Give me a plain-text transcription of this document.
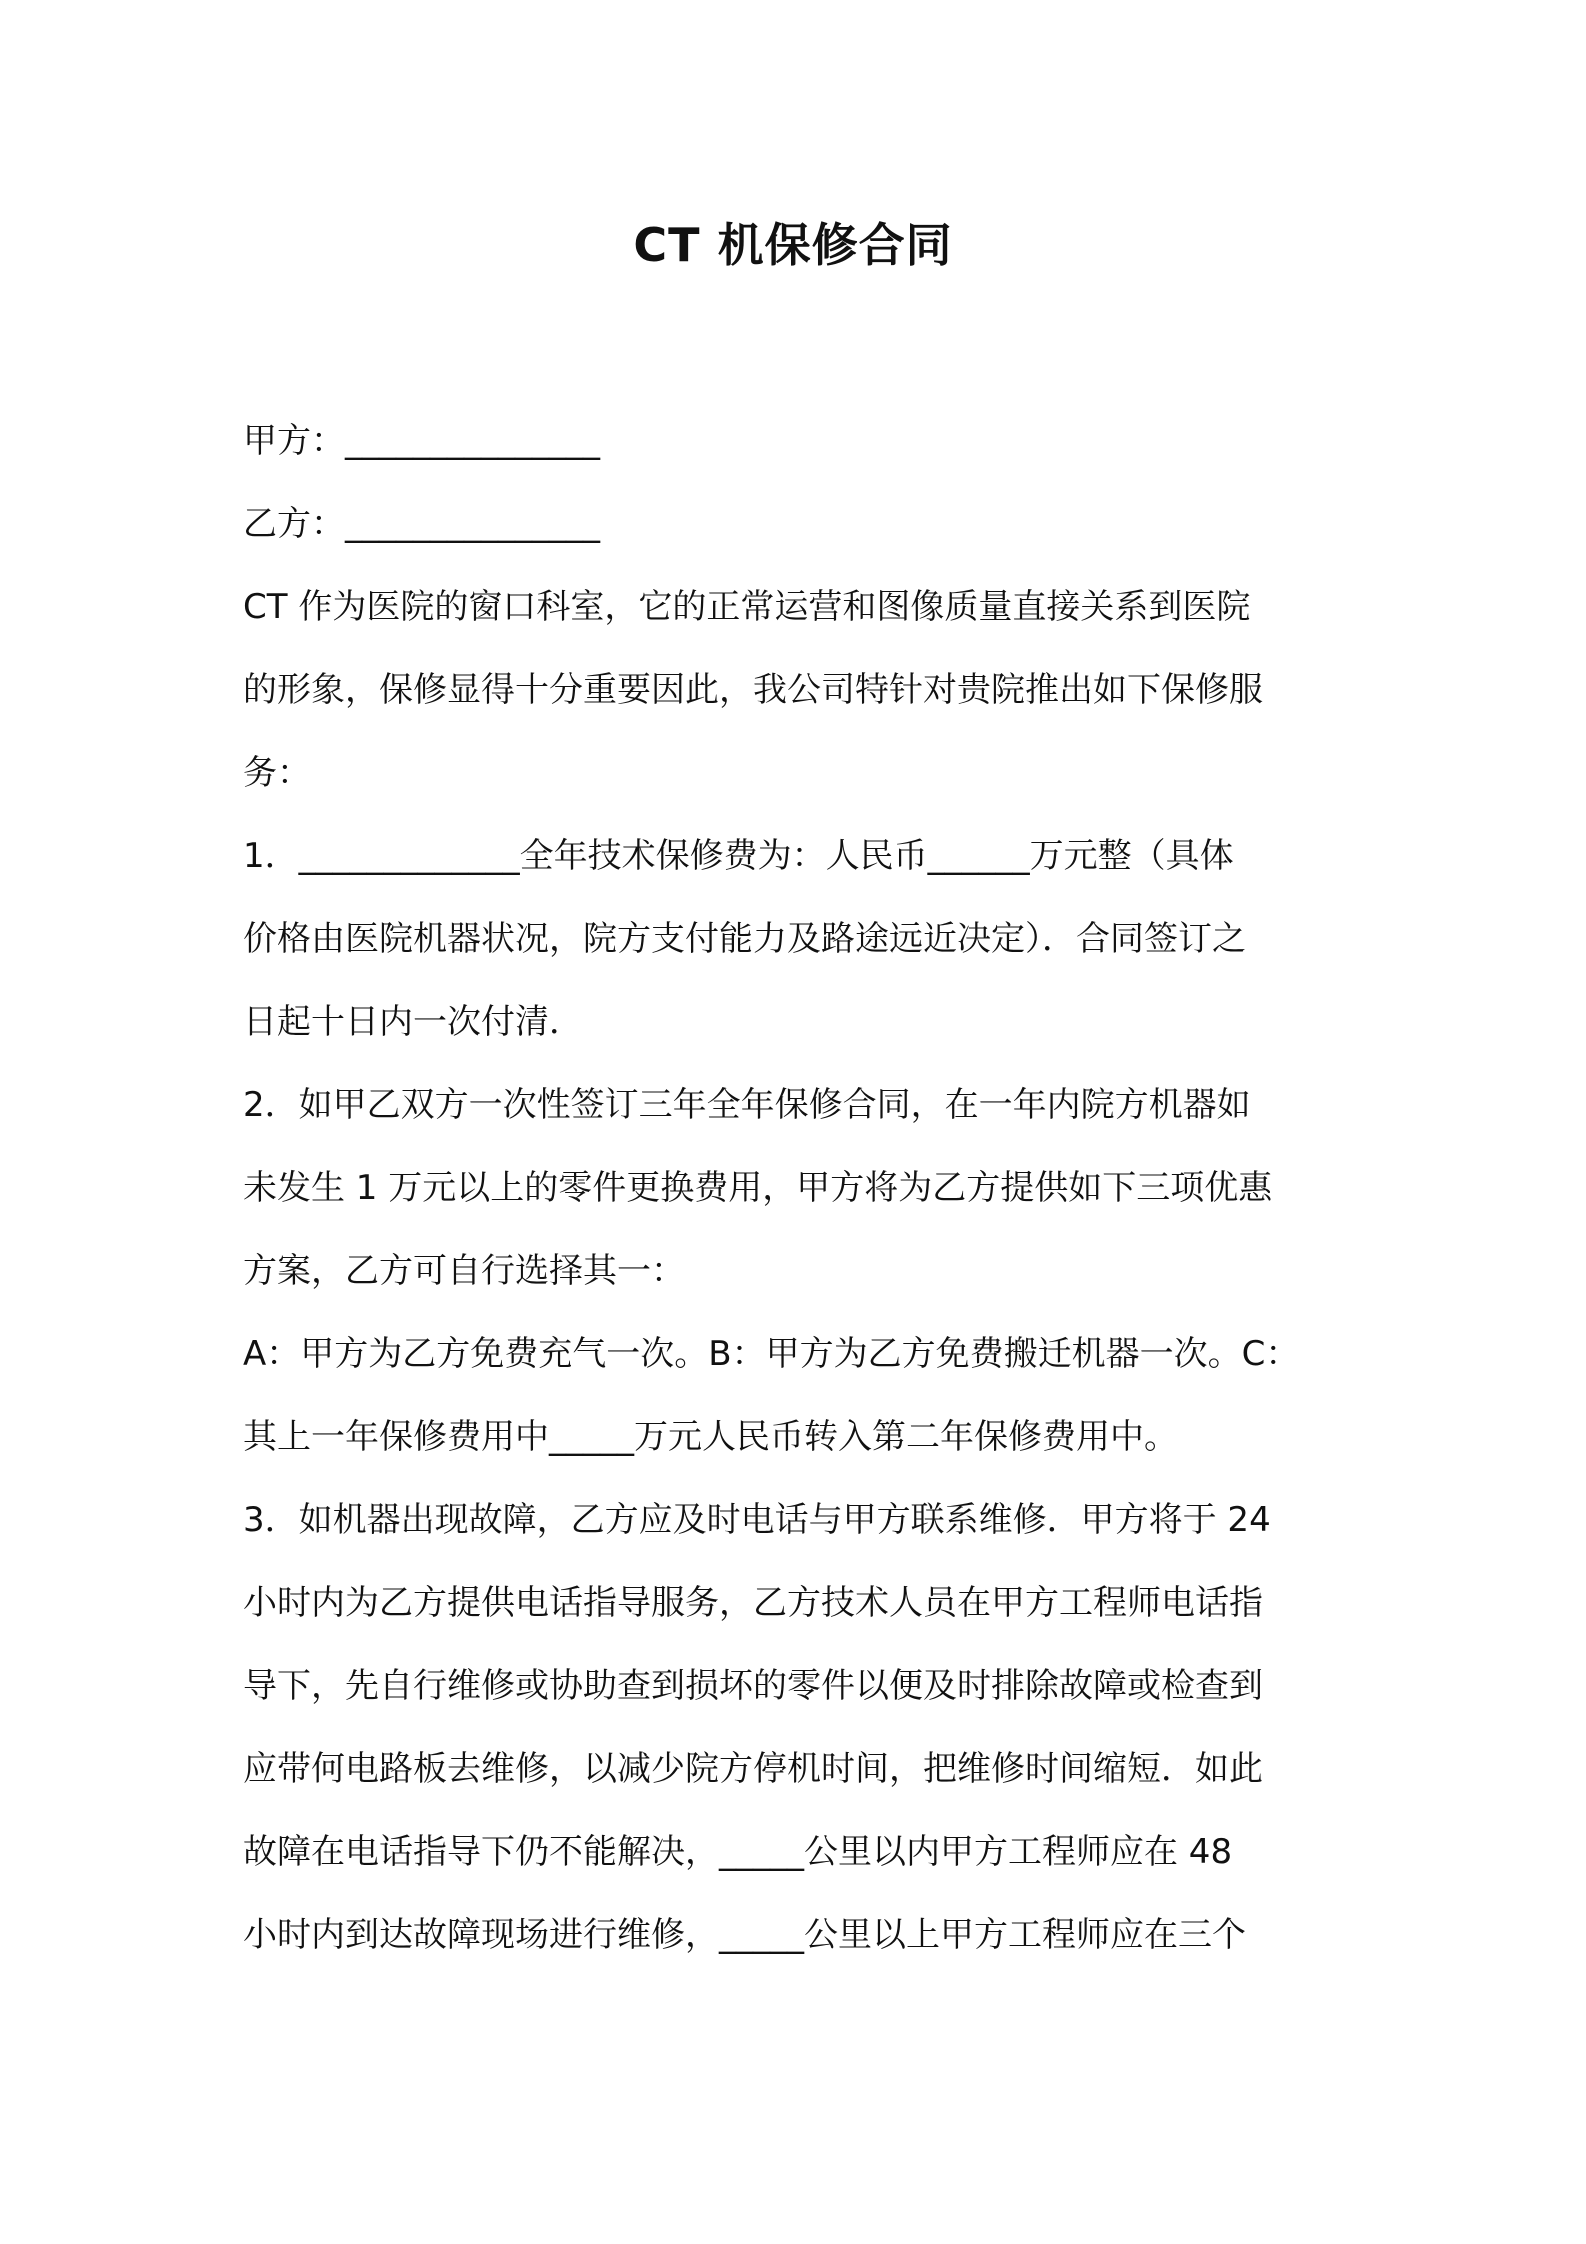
CT 机保修合同
甲方：_______________
乙方：_______________
CT 作为医院的窗口科室，它的正常运营和图像质量直接关系到医院
的形象，保修显得十分重要因此，我公司特针对贵院推出如下保修服
务：
1．_____________全年技术保修费为：人民币______万元整（具体
价格由医院机器状况，院方支付能力及路途远近决定）．合同签订之
日起十日内一次付清．
2．如甲乙双方一次性签订三年全年保修合同，在一年内院方机器如
未发生 1 万元以上的零件更换费用，甲方将为乙方提供如下三项优惠
方案，乙方可自行选择其一：
A：甲方为乙方免费充气一次。B：甲方为乙方免费搬迁机器一次。C：
其上一年保修费用中_____万元人民币转入第二年保修费用中。
3．如机器出现故障，乙方应及时电话与甲方联系维修．甲方将于 24
小时内为乙方提供电话指导服务，乙方技术人员在甲方工程师电话指
导下，先自行维修或协助查到损坏的零件以便及时排除故障或检查到
应带何电路板去维修，以减少院方停机时间，把维修时间缩短．如此
故障在电话指导下仍不能解决，_____公里以内甲方工程师应在 48
小时内到达故障现场进行维修，_____公里以上甲方工程师应在三个
